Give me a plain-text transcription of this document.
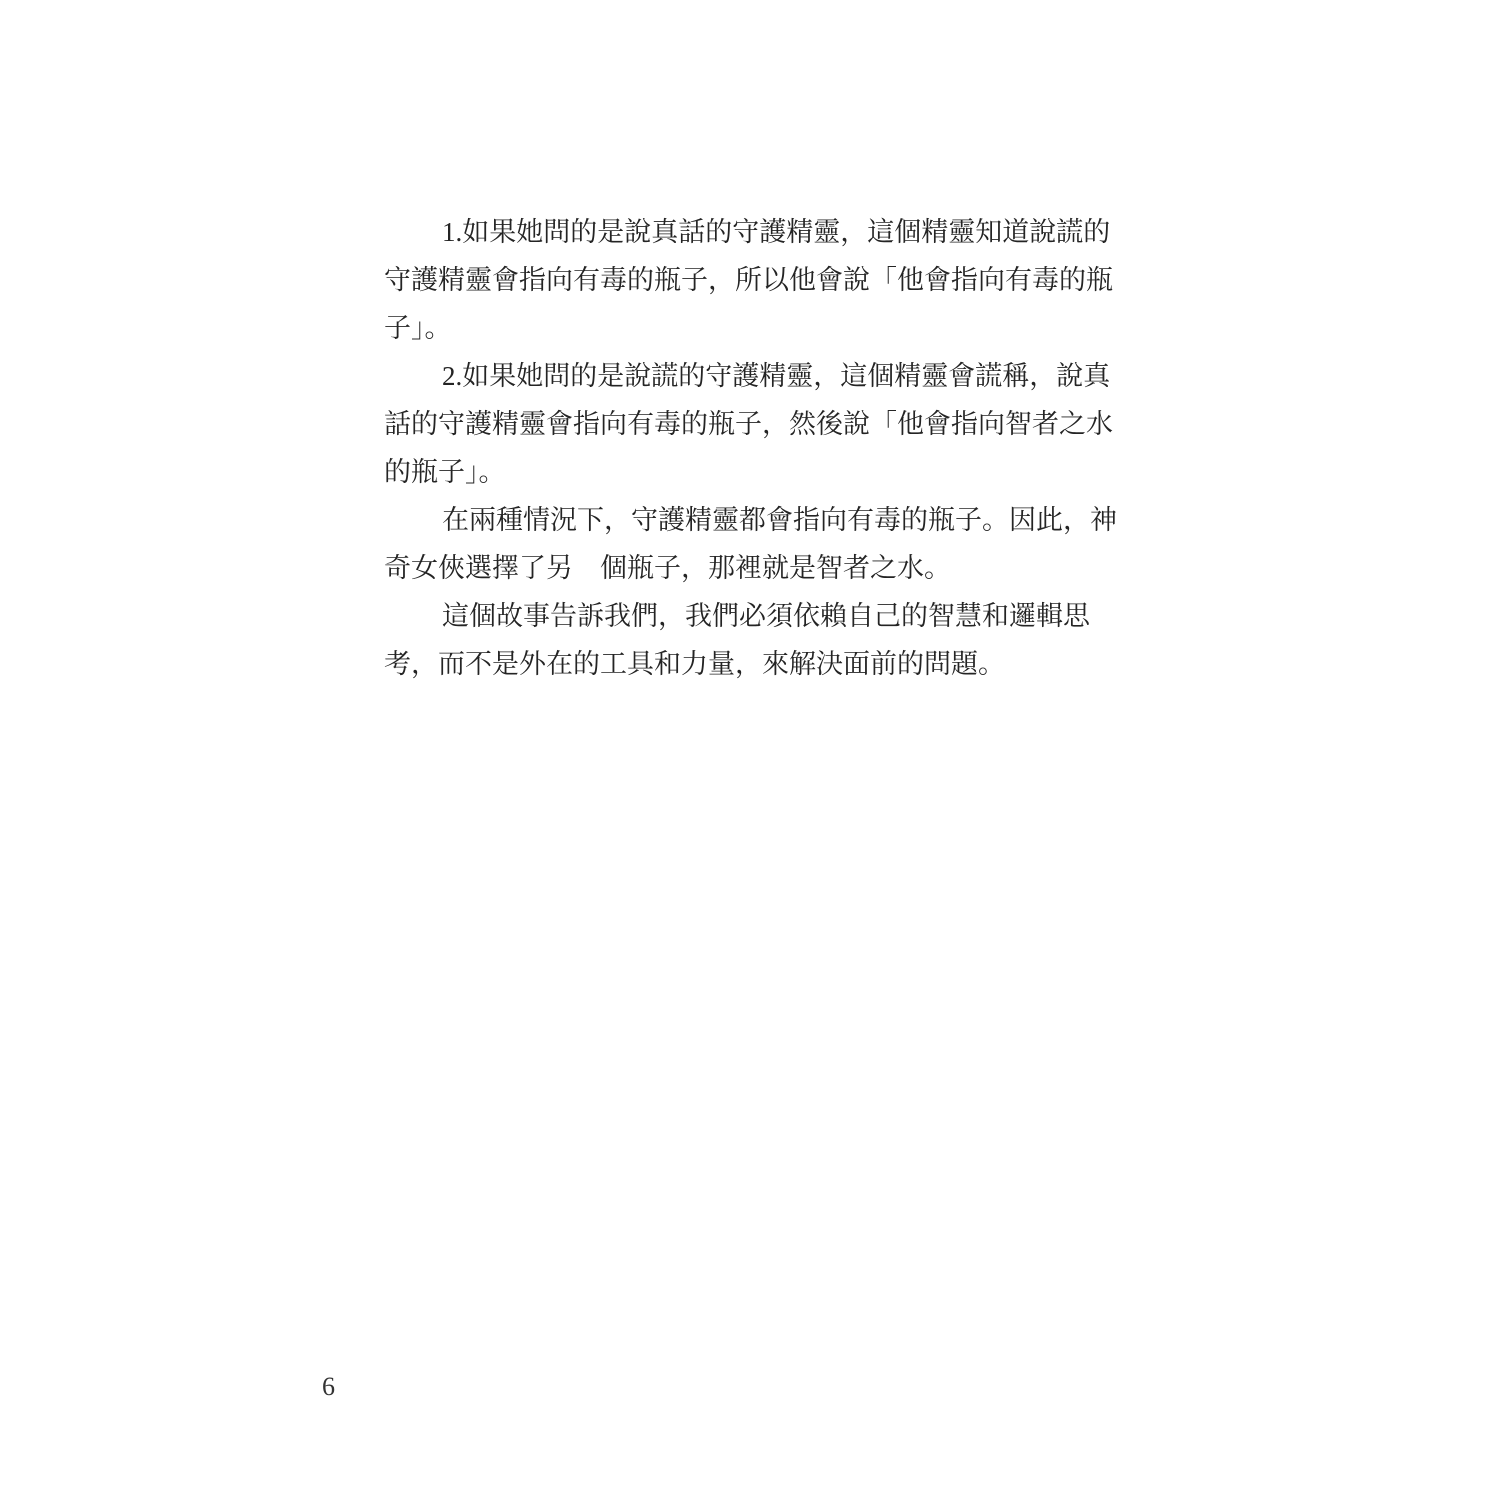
1.如果她問的是說真話的守護精靈，這個精靈知道說謊的
守護精靈會指向有毒的瓶子，所以他會說「他會指向有毒的瓶
子」。
2.如果她問的是說謊的守護精靈，這個精靈會謊稱，說真
話的守護精靈會指向有毒的瓶子，然後說「他會指向智者之水
的瓶子」。
在兩種情況下，守護精靈都會指向有毒的瓶子。因此，神
奇女俠選擇了另　個瓶子，那裡就是智者之水。
這個故事告訴我們，我們必須依賴自己的智慧和邏輯思
考，而不是外在的工具和力量，來解決面前的問題。
6
